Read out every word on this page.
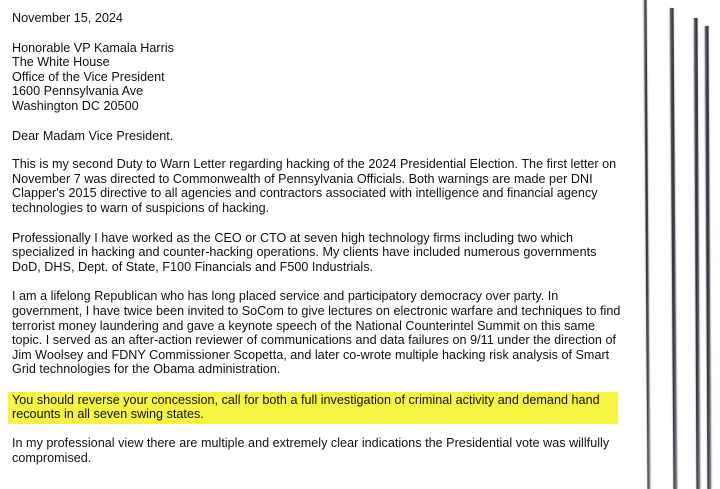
November 15, 2024

Honorable VP Kamala Harris
The White House
Office of the Vice President
1600 Pennsylvania Ave
Washington DC 20500

Dear Madam Vice President.

This is my second Duty to Warn Letter regarding hacking of the 2024 Presidential Election. The first letter on November 7 was directed to Commonwealth of Pennsylvania Officials. Both warnings are made per DNI Clapper's 2015 directive to all agencies and contractors associated with intelligence and financial agency technologies to warn of suspicions of hacking.

Professionally I have worked as the CEO or CTO at seven high technology firms including two which specialized in hacking and counter-hacking operations. My clients have included numerous governments DoD, DHS, Dept. of State, F100 Financials and F500 Industrials.

I am a lifelong Republican who has long placed service and participatory democracy over party. In government, I have twice been invited to SoCom to give lectures on electronic warfare and techniques to find terrorist money laundering and gave a keynote speech of the National Counterintel Summit on this same topic. I served as an after-action reviewer of communications and data failures on 9/11 under the direction of Jim Woolsey and FDNY Commissioner Scopetta, and later co-wrote multiple hacking risk analysis of Smart Grid technologies for the Obama administration.

You should reverse your concession, call for both a full investigation of criminal activity and demand hand recounts in all seven swing states.

In my professional view there are multiple and extremely clear indications the Presidential vote was willfully compromised.
